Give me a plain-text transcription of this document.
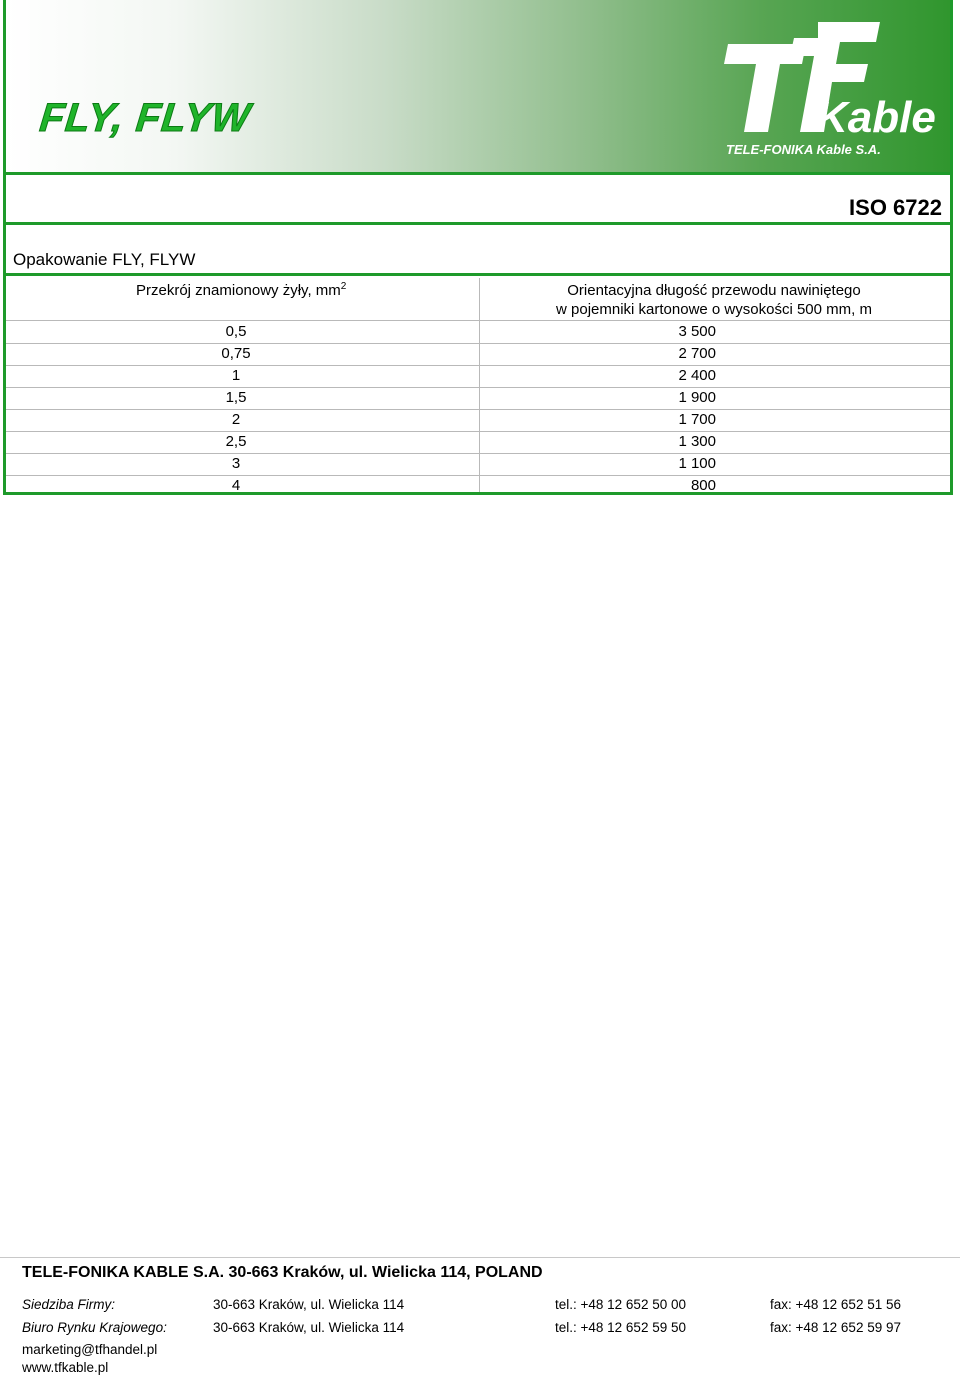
FLY, FLYW	Kable
TELE-FONIKA Kable S.A.
ISO 6722
Opakowanie FLY, FLYW
Przekrój znamionowy żyły, $mm^2$	Orientacyjna długość przewodu nawiniętego
w pojemniki kartonowe o wysokości 500 mm, m
0,5	3 500
0,75	2 700
1	2 400
1,5	1 900
2	1 700
2,5	1 300
3	1 100
4	800
TELE-FONIKA KABLE S.A. 30-663 Kraków, ul. Wielicka 114, POLAND
Siedziba Firmy:	30-663 Kraków, ul. Wielicka 114	tel.: +48 12 652 50 00	fax: +48 12 652 51 56
Biuro Rynku Krajowego:	30-663 Kraków, ul. Wielicka 114	tel.: +48 12 652 59 50	fax: +48 12 652 59 97
marketing@tfhandel.pl
www.tfkable.pl
